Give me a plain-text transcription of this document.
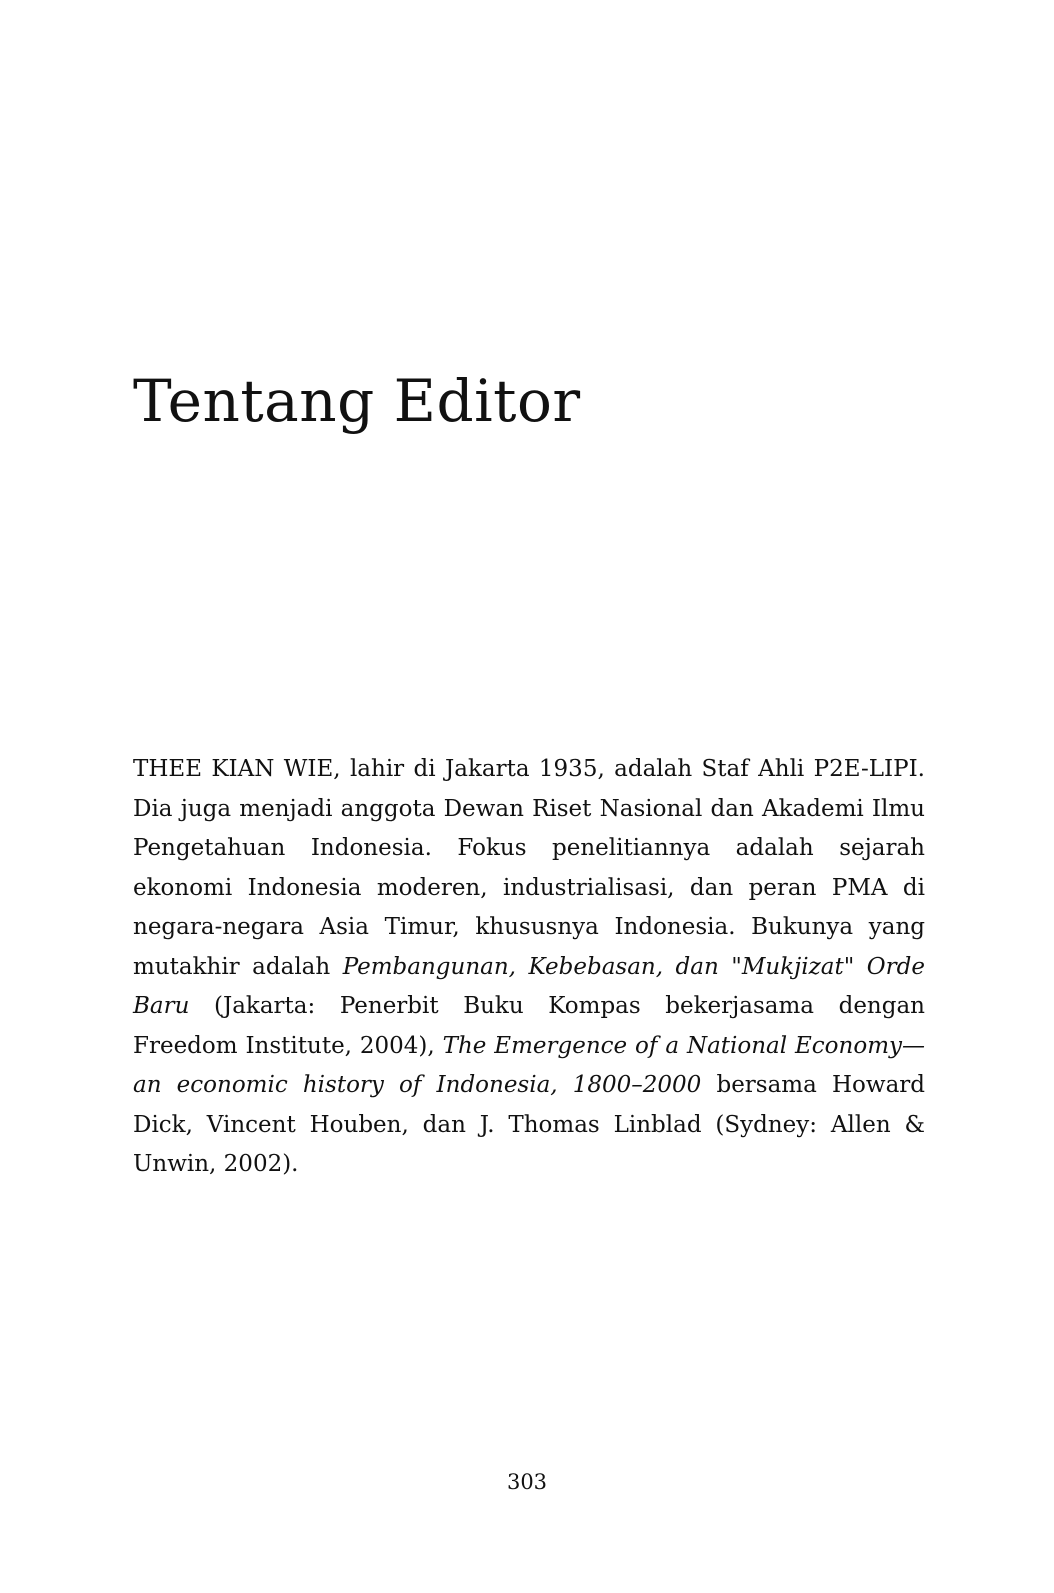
Tentang Editor

THEE KIAN WIE, lahir di Jakarta 1935, adalah Staf Ahli P2E-LIPI. Dia juga menjadi anggota Dewan Riset Nasional dan Akademi Ilmu Pengetahuan Indonesia. Fokus penelitiannya adalah sejarah ekonomi Indonesia moderen, industrialisasi, dan peran PMA di negara-negara Asia Timur, khususnya Indonesia. Bukunya yang mutakhir adalah Pembangunan, Kebebasan, dan "Mukjizat" Orde Baru (Jakarta: Penerbit Buku Kompas bekerjasama dengan Freedom Institute, 2004), The Emergence of a National Economy—an economic history of Indonesia, 1800–2000 bersama Howard Dick, Vincent Houben, dan J. Thomas Linblad (Sydney: Allen & Unwin, 2002).

303
